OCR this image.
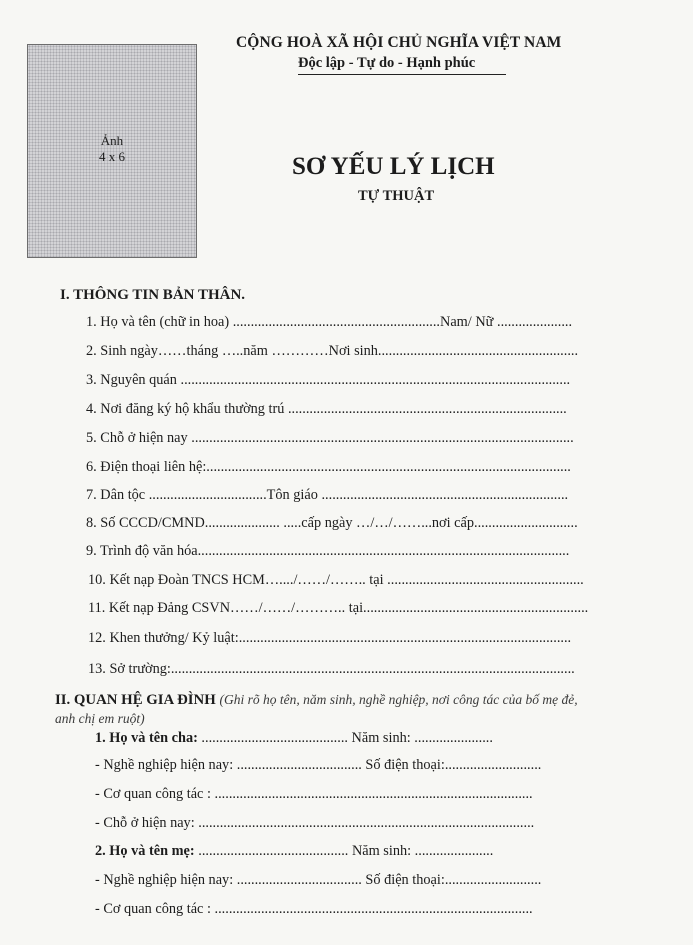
Ảnh
4 x 6
CỘNG HOÀ XÃ HỘI CHỦ NGHĨA VIỆT NAM
Độc lập - Tự do - Hạnh phúc
SƠ YẾU LÝ LỊCH
TỰ THUẬT
I. THÔNG TIN BẢN THÂN.
1. Họ và tên (chữ in hoa) ..........................................................Nam/ Nữ .....................
2. Sinh ngày……tháng …..năm …………Nơi sinh........................................................
3. Nguyên quán .............................................................................................................
4. Nơi đăng ký hộ khẩu thường trú ..............................................................................
5. Chỗ ở hiện nay ...........................................................................................................
6. Điện thoại liên hệ:......................................................................................................
7. Dân tộc .................................Tôn giáo .....................................................................
8. Số CCCD/CMND..................... .....cấp ngày …/…/……...nơi cấp.............................
9. Trình độ văn hóa........................................................................................................
10. Kết nạp Đoàn TNCS HCM…..../……/…….. tại .......................................................
11. Kết nạp Đảng CSVN……/……/……….. tại...............................................................
12. Khen thưởng/ Kỷ luật:.............................................................................................
13. Sở trường:.................................................................................................................
II. QUAN HỆ GIA ĐÌNH (Ghi rõ họ tên, năm sinh, nghề nghiệp, nơi công tác của bố mẹ đẻ,
anh chị em ruột)
1. Họ và tên cha: ......................................... Năm sinh: ......................
- Nghề nghiệp hiện nay: ................................... Số điện thoại:...........................
- Cơ quan công tác : .........................................................................................
- Chỗ ở hiện nay: ..............................................................................................
2. Họ và tên mẹ: .......................................... Năm sinh: ......................
- Nghề nghiệp hiện nay: ................................... Số điện thoại:...........................
- Cơ quan công tác : .........................................................................................
